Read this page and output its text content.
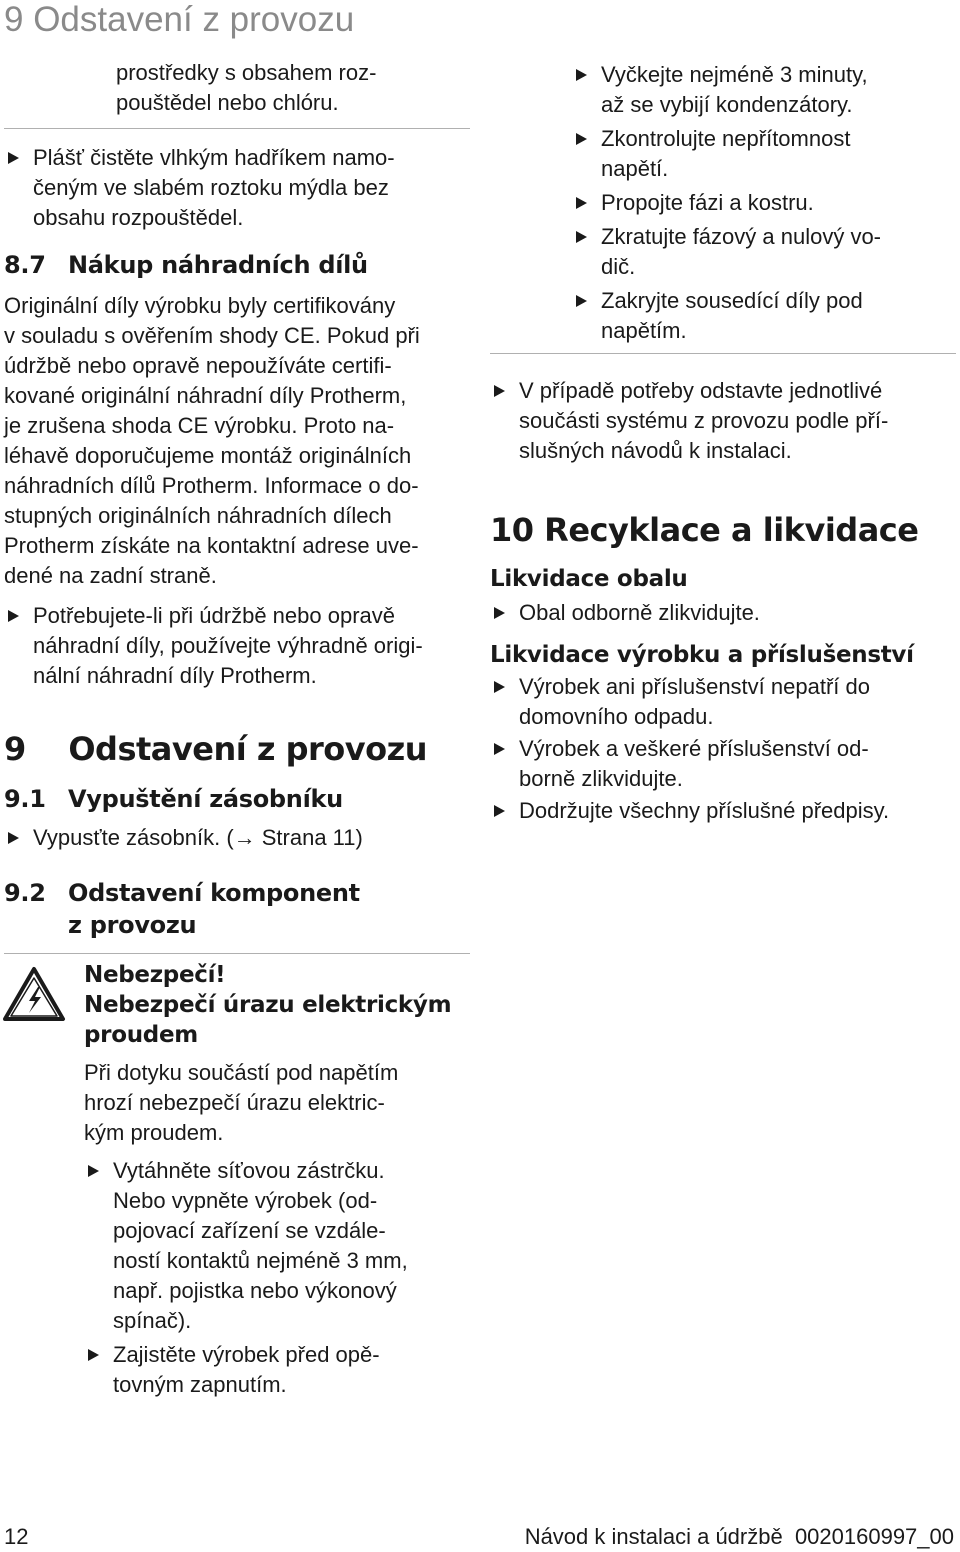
9 Odstavení z provozu

prostředky s obsahem roz-

pouštědel nebo chlóru.

Plášť čistěte vlhkým hadříkem namo-

čeným ve slabém roztoku mýdla bez

obsahu rozpouštědel.

8.7 Nákup náhradních dílů

Originální díly výrobku byly certifikovány

v souladu s ověřením shody CE. Pokud při

údržbě nebo opravě nepoužíváte certifi-

kované originální náhradní díly Protherm,

je zrušena shoda CE výrobku. Proto na-

léhavě doporučujeme montáž originálních

náhradních dílů Protherm. Informace o do-

stupných originálních náhradních dílech

Protherm získáte na kontaktní adrese uve-

dené na zadní straně.

Potřebujete-li při údržbě nebo opravě

náhradní díly, používejte výhradně origi-

nální náhradní díly Protherm.

9    Odstavení z provozu
9.1 Vypuštění zásobníku

Vypusťte zásobník. (→ Strana 11)

9.2 Odstavení komponent
z provozu

Nebezpečí!

Nebezpečí úrazu elektrickým

proudem

Při dotyku součástí pod napětím

hrozí nebezpečí úrazu elektric-

kým proudem.

Vytáhněte síťovou zástrčku.

Nebo vypněte výrobek (od-

pojovací zařízení se vzdále-

ností kontaktů nejméně 3 mm,

např. pojistka nebo výkonový

spínač).

Zajistěte výrobek před opě-

tovným zapnutím.

Vyčkejte nejméně 3 minuty,

až se vybijí kondenzátory.

Zkontrolujte nepřítomnost

napětí.

Propojte fázi a kostru.

Zkratujte fázový a nulový vo-

dič.

Zakryjte sousedící díly pod

napětím.

V případě potřeby odstavte jednotlivé

součásti systému z provozu podle pří-

slušných návodů k instalaci.

10 Recyklace a likvidace
Likvidace obalu

Obal odborně zlikvidujte.

Likvidace výrobku a příslušenství

Výrobek ani příslušenství nepatří do

domovního odpadu.

Výrobek a veškeré příslušenství od-

borně zlikvidujte.

Dodržujte všechny příslušné předpisy.

12	Návod k instalaci a údržbě  0020160997_00
